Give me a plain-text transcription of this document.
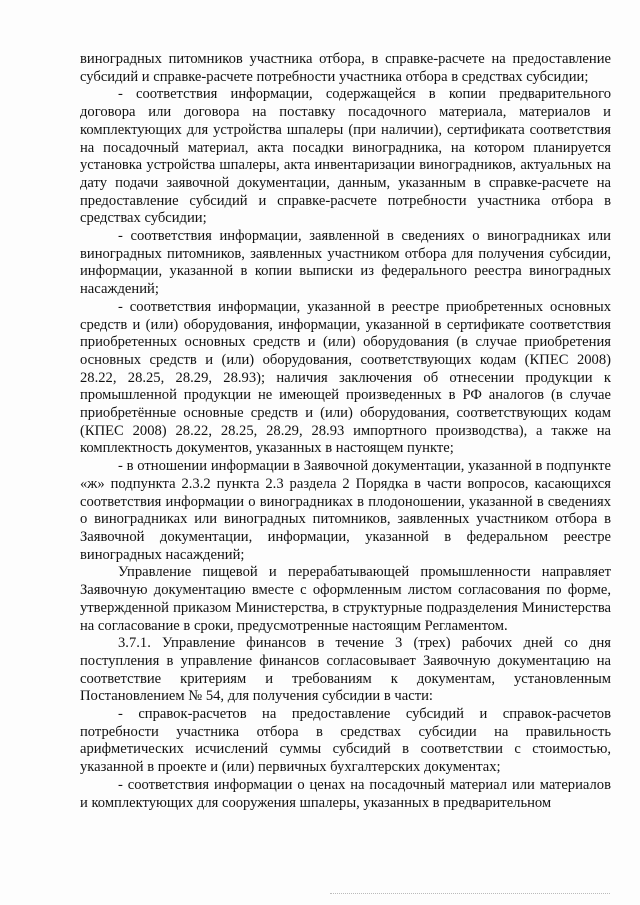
виноградных питомников участника отбора, в справке-расчете на предоставление субсидий и справке-расчете потребности участника отбора в средствах субсидии;

- соответствия информации, содержащейся в копии предварительного договора или договора на поставку посадочного материала, материалов и комплектующих для устройства шпалеры (при наличии), сертификата соответствия на посадочный материал, акта посадки виноградника, на котором планируется установка устройства шпалеры, акта инвентаризации виноградников, актуальных на дату подачи заявочной документации, данным, указанным в справке-расчете на предоставление субсидий и справке-расчете потребности участника отбора в средствах субсидии;

- соответствия информации, заявленной в сведениях о виноградниках или виноградных питомников, заявленных участником отбора для получения субсидии, информации, указанной в копии выписки из федерального реестра виноградных насаждений;

- соответствия информации, указанной в реестре приобретенных основных средств и (или) оборудования, информации, указанной в сертификате соответствия приобретенных основных средств и (или) оборудования (в случае приобретения основных средств и (или) оборудования, соответствующих кодам (КПЕС 2008) 28.22, 28.25, 28.29, 28.93); наличия заключения об отнесении продукции к промышленной продукции не имеющей произведенных в РФ аналогов (в случае приобретённые основные средств и (или) оборудования, соответствующих кодам (КПЕС 2008) 28.22, 28.25, 28.29, 28.93 импортного производства), а также на комплектность документов, указанных в настоящем пункте;

- в отношении информации в Заявочной документации, указанной в подпункте «ж» подпункта 2.3.2 пункта 2.3 раздела 2 Порядка в части вопросов, касающихся соответствия информации о виноградниках в плодоношении, указанной в сведениях о виноградниках или виноградных питомников, заявленных участником отбора в Заявочной документации, информации, указанной в федеральном реестре виноградных насаждений;

Управление пищевой и перерабатывающей промышленности направляет Заявочную документацию вместе с оформленным листом согласования по форме, утвержденной приказом Министерства, в структурные подразделения Министерства на согласование в сроки, предусмотренные настоящим Регламентом.

3.7.1. Управление финансов в течение 3 (трех) рабочих дней со дня поступления в управление финансов согласовывает Заявочную документацию на соответствие критериям и требованиям к документам, установленным Постановлением № 54, для получения субсидии в части:

- справок-расчетов на предоставление субсидий и справок-расчетов потребности участника отбора в средствах субсидии на правильность арифметических исчислений суммы субсидий в соответствии с стоимостью, указанной в проекте и (или) первичных бухгалтерских документах;

- соответствия информации о ценах на посадочный материал или материалов и комплектующих для сооружения шпалеры, указанных в предварительном
